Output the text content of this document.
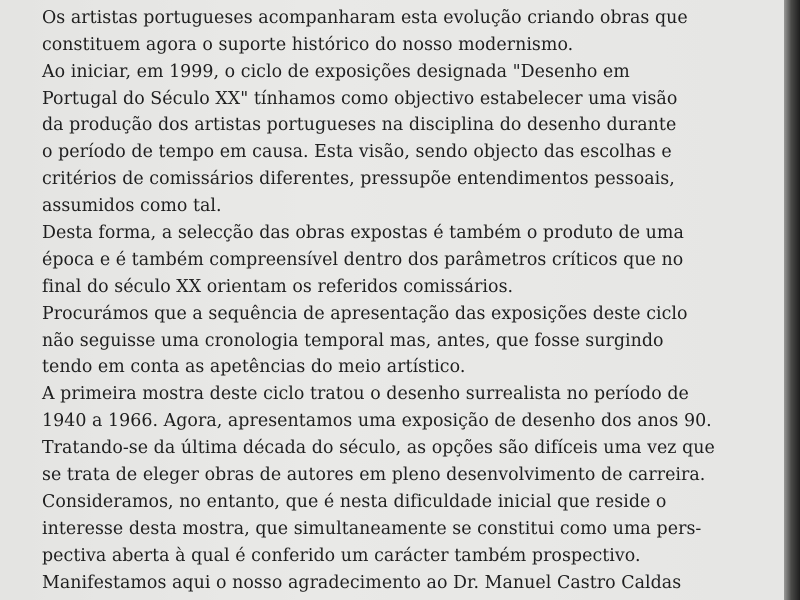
Os artistas portugueses acompanharam esta evolução criando obras que
constituem agora o suporte histórico do nosso modernismo.
Ao iniciar, em 1999, o ciclo de exposições designada "Desenho em
Portugal do Século XX" tínhamos como objectivo estabelecer uma visão
da produção dos artistas portugueses na disciplina do desenho durante
o período de tempo em causa. Esta visão, sendo objecto das escolhas e
critérios de comissários diferentes, pressupõe entendimentos pessoais,
assumidos como tal.
Desta forma, a selecção das obras expostas é também o produto de uma
época e é também compreensível dentro dos parâmetros críticos que no
final do século XX orientam os referidos comissários.
Procurámos que a sequência de apresentação das exposições deste ciclo
não seguisse uma cronologia temporal mas, antes, que fosse surgindo
tendo em conta as apetências do meio artístico.
A primeira mostra deste ciclo tratou o desenho surrealista no período de
1940 a 1966. Agora, apresentamos uma exposição de desenho dos anos 90.
Tratando-se da última década do século, as opções são difíceis uma vez que
se trata de eleger obras de autores em pleno desenvolvimento de carreira.
Consideramos, no entanto, que é nesta dificuldade inicial que reside o
interesse desta mostra, que simultaneamente se constitui como uma pers-
pectiva aberta à qual é conferido um carácter também prospectivo.
Manifestamos aqui o nosso agradecimento ao Dr. Manuel Castro Caldas
